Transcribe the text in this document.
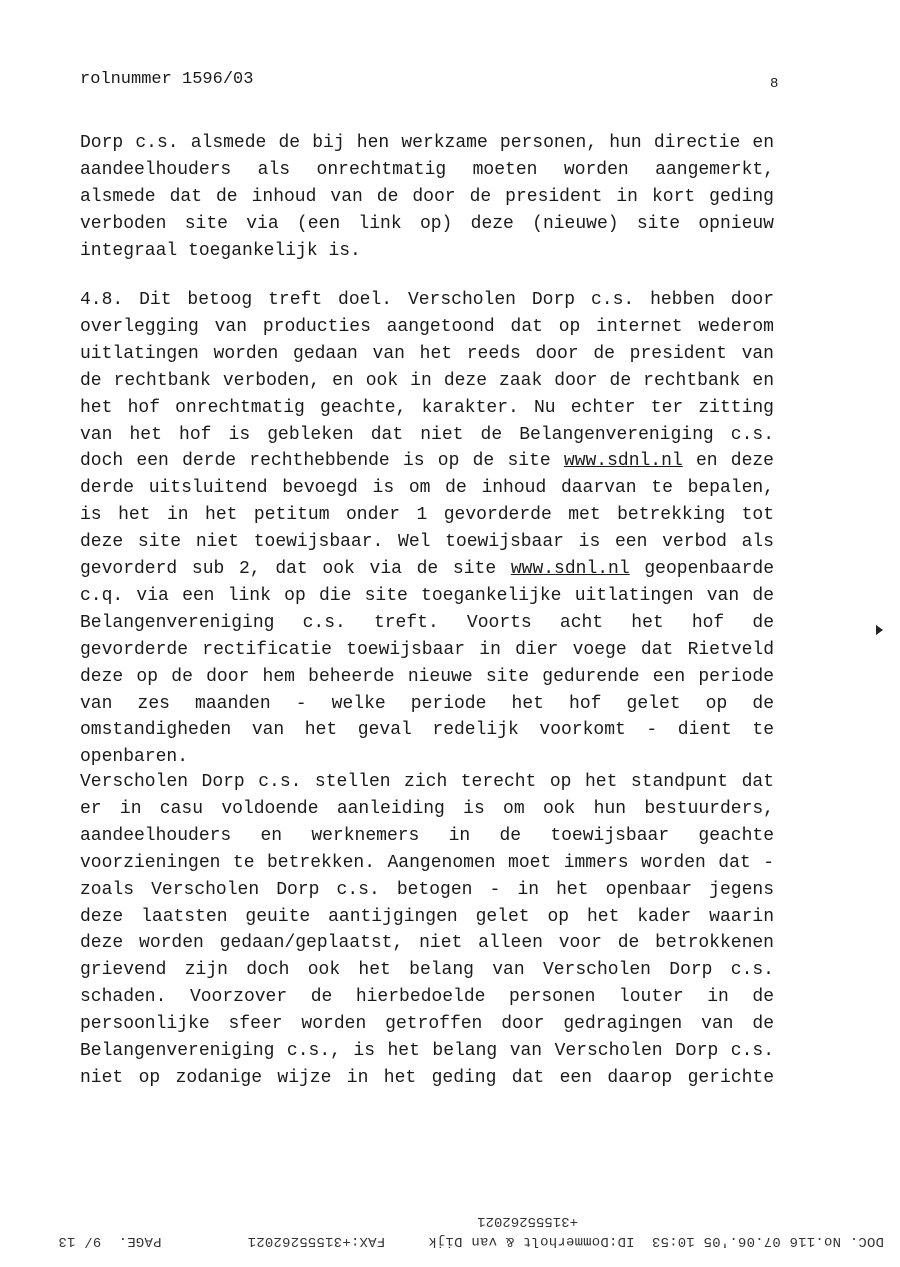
rolnummer 1596/03	8
Dorp c.s. alsmede de bij hen werkzame personen, hun directie en
aandeelhouders als onrechtmatig moeten worden aangemerkt,
alsmede dat de inhoud van de door de president in kort geding
verboden site via (een link op) deze (nieuwe) site opnieuw
integraal toegankelijk is.
4.8. Dit betoog treft doel. Verscholen Dorp c.s. hebben door
overlegging van producties aangetoond dat op internet wederom
uitlatingen worden gedaan van het reeds door de president van
de rechtbank verboden, en ook in deze zaak door de rechtbank en
het hof onrechtmatig geachte, karakter. Nu echter ter zitting
van het hof is gebleken dat niet de Belangenvereniging c.s.
doch een derde rechthebbende is op de site www.sdnl.nl en deze
derde uitsluitend bevoegd is om de inhoud daarvan te bepalen,
is het in het petitum onder 1 gevorderde met betrekking tot
deze site niet toewijsbaar. Wel toewijsbaar is een verbod als
gevorderd sub 2, dat ook via de site www.sdnl.nl geopenbaarde
c.q. via een link op die site toegankelijke uitlatingen van de
Belangenvereniging c.s. treft. Voorts acht het hof de
gevorderde rectificatie toewijsbaar in dier voege dat Rietveld
deze op de door hem beheerde nieuwe site gedurende een periode
van zes maanden - welke periode het hof gelet op de
omstandigheden van het geval redelijk voorkomt - dient te
openbaren.
Verscholen Dorp c.s. stellen zich terecht op het standpunt dat
er in casu voldoende aanleiding is om ook hun bestuurders,
aandeelhouders en werknemers in de toewijsbaar geachte
voorzieningen te betrekken. Aangenomen moet immers worden dat -
zoals Verscholen Dorp c.s. betogen - in het openbaar jegens
deze laatsten geuite aantijgingen gelet op het kader waarin
deze worden gedaan/geplaatst, niet alleen voor de betrokkenen
grievend zijn doch ook het belang van Verscholen Dorp c.s.
schaden. Voorzover de hierbedoelde personen louter in de
persoonlijke sfeer worden getroffen door gedragingen van de
Belangenvereniging c.s., is het belang van Verscholen Dorp c.s.
niet op zodanige wijze in het geding dat een daarop gerichte
DOC. No.116 07.06.'05 10:53  ID:Dommerholt & van Dijk     FAX:+31555262021          PAGE.  9/ 13
+31555262021
